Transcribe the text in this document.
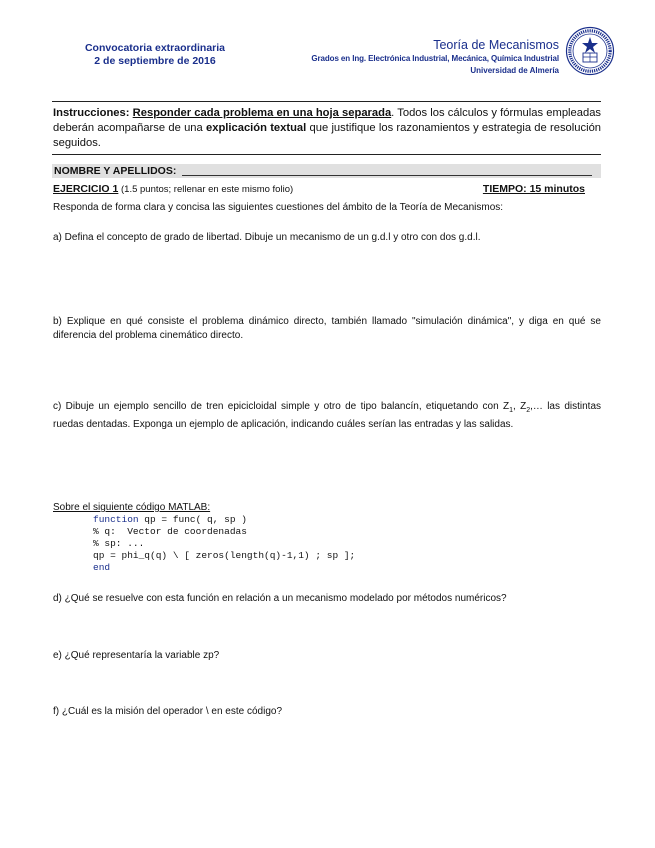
Convocatoria extraordinaria
2 de septiembre de 2016
Teoría de Mecanismos
Grados en Ing. Electrónica Industrial, Mecánica, Química Industrial
Universidad de Almería
Instrucciones: Responder cada problema en una hoja separada. Todos los cálculos y fórmulas empleadas deberán acompañarse de una explicación textual que justifique los razonamientos y estrategia de resolución seguidos.
NOMBRE Y APELLIDOS:
EJERCICIO 1 (1.5 puntos; rellenar en este mismo folio)	TIEMPO: 15 minutos
Responda de forma clara y concisa las siguientes cuestiones del ámbito de la Teoría de Mecanismos:
a) Defina el concepto de grado de libertad. Dibuje un mecanismo de un g.d.l y otro con dos g.d.l.
b) Explique en qué consiste el problema dinámico directo, también llamado "simulación dinámica", y diga en qué se diferencia del problema cinemático directo.
c) Dibuje un ejemplo sencillo de tren epicicloidal simple y otro de tipo balancín, etiquetando con $Z_1$, $Z_2,\dots$ las distintas ruedas dentadas. Exponga un ejemplo de aplicación, indicando cuáles serían las entradas y las salidas.
Sobre el siguiente código MATLAB:
function qp = func( q, sp )
% q:  Vector de coordenadas
% sp: ...
qp = phi_q(q) \ [ zeros(length(q)-1,1) ; sp ];
end
d) ¿Qué se resuelve con esta función en relación a un mecanismo modelado por métodos numéricos?
e) ¿Qué representaría la variable zp?
f) ¿Cuál es la misión del operador \ en este código?
